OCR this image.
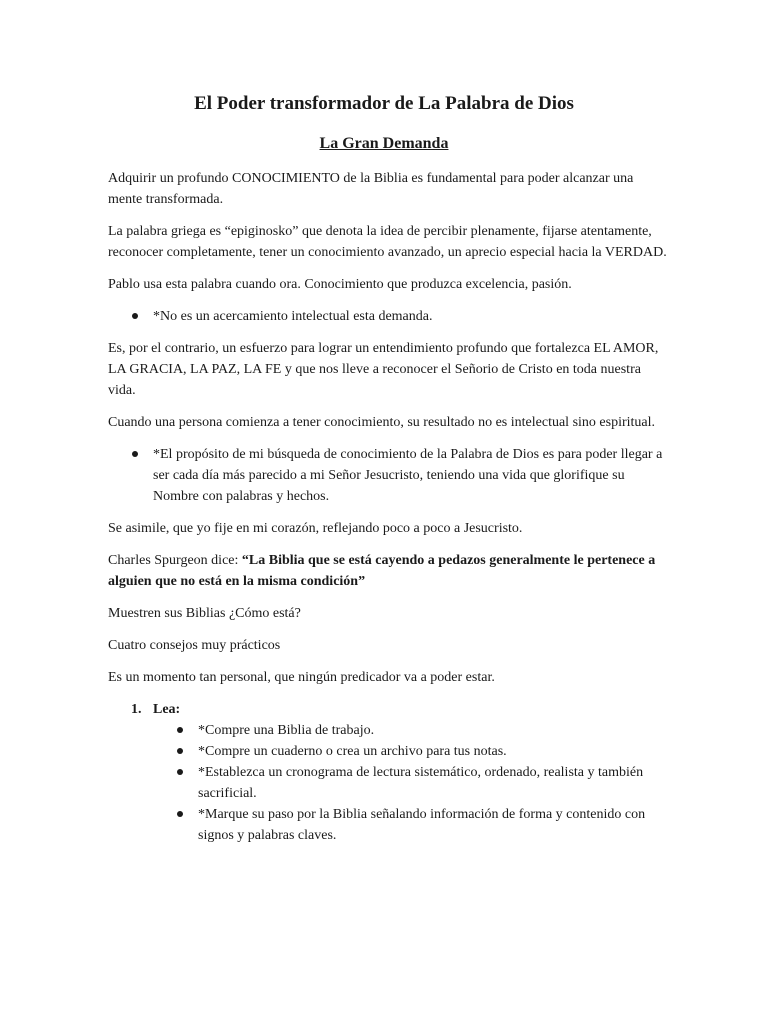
El Poder transformador de La Palabra de Dios
La Gran Demanda

Adquirir un profundo CONOCIMIENTO de la Biblia es fundamental para poder alcanzar una mente transformada.

La palabra griega es “epiginosko” que denota la idea de percibir plenamente, fijarse atentamente, reconocer completamente, tener un conocimiento avanzado, un aprecio especial hacia la VERDAD.

Pablo usa esta palabra cuando ora. Conocimiento que produzca excelencia, pasión.

*No es un acercamiento intelectual esta demanda.

Es, por el contrario, un esfuerzo para lograr un entendimiento profundo que fortalezca EL AMOR, LA GRACIA, LA PAZ, LA FE y que nos lleve a reconocer el Señorio de Cristo en toda nuestra vida.

Cuando una persona comienza a tener conocimiento, su resultado no es intelectual sino espiritual.

*El propósito de mi búsqueda de conocimiento de la Palabra de Dios es para poder llegar a ser cada día más parecido a mi Señor Jesucristo, teniendo una vida que glorifique su Nombre con palabras y hechos.

Se asimile, que yo fije en mi corazón, reflejando poco a poco a Jesucristo.

Charles Spurgeon dice: “La Biblia que se está cayendo a pedazos generalmente le pertenece a alguien que no está en la misma condición”

Muestren sus Biblias ¿Cómo está?

Cuatro consejos muy prácticos

Es un momento tan personal, que ningún predicador va a poder estar.

1. Lea:
*Compre una Biblia de trabajo.
*Compre un cuaderno o crea un archivo para tus notas.
*Establezca un cronograma de lectura sistemático, ordenado, realista y también sacrificial.
*Marque su paso por la Biblia señalando información de forma y contenido con signos y palabras claves.
